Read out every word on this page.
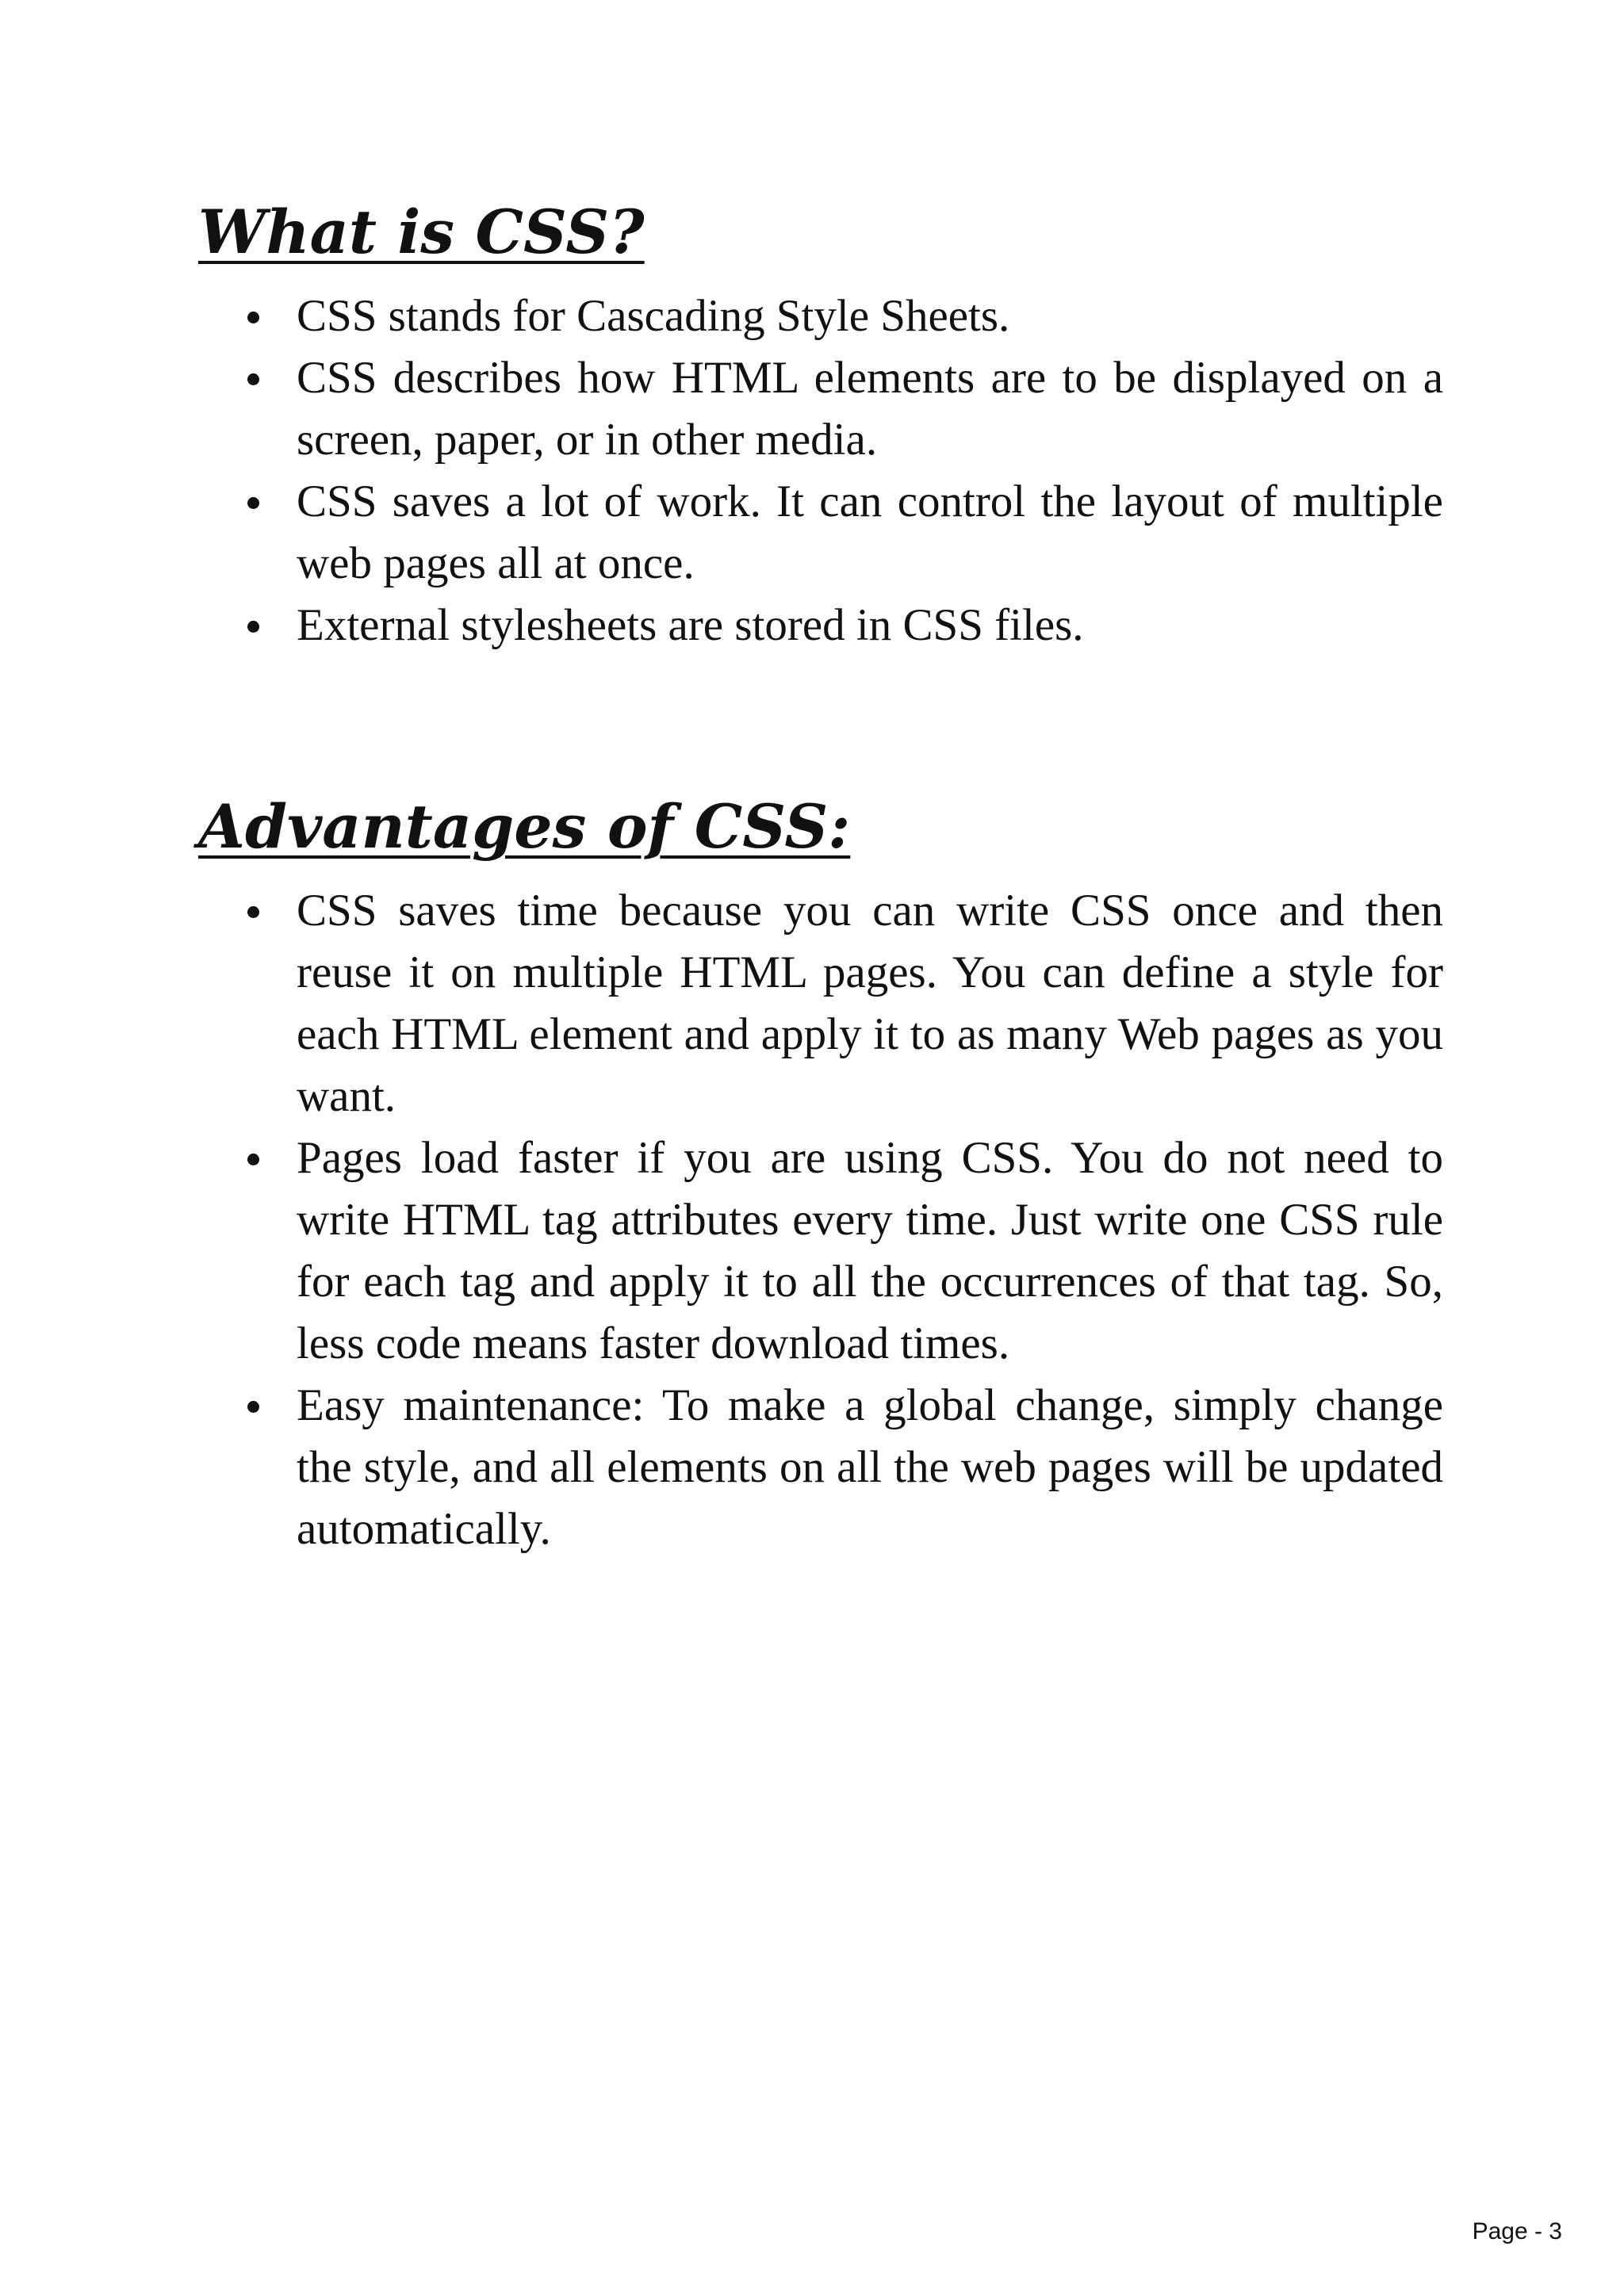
What is CSS?
CSS stands for Cascading Style Sheets.
CSS describes how HTML elements are to be displayed on a screen, paper, or in other media.
CSS saves a lot of work. It can control the layout of multiple web pages all at once.
External stylesheets are stored in CSS files.
Advantages of CSS:
CSS saves time because you can write CSS once and then reuse it on multiple HTML pages. You can define a style for each HTML element and apply it to as many Web pages as you want.
Pages load faster if you are using CSS. You do not need to write HTML tag attributes every time. Just write one CSS rule for each tag and apply it to all the occurrences of that tag. So, less code means faster download times.
Easy maintenance: To make a global change, simply change the style, and all elements on all the web pages will be updated automatically.
Page - 3
